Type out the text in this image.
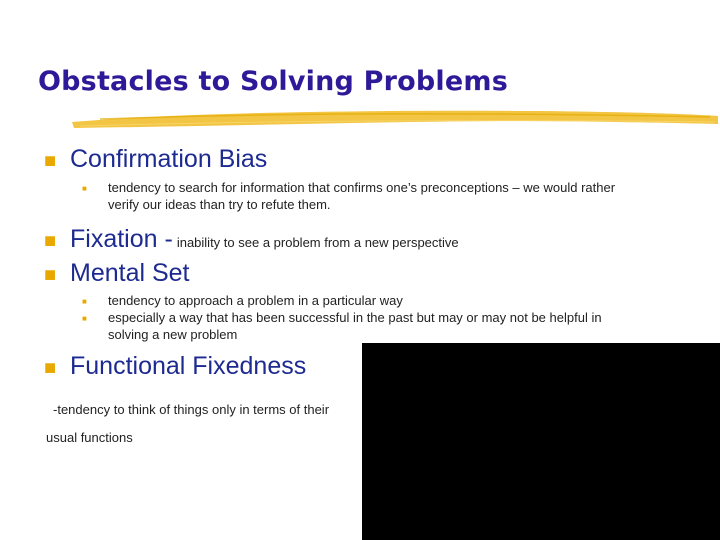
Obstacles to Solving Problems
■ Confirmation Bias
■ tendency to search for information that confirms one’s preconceptions – we would rather
verify our ideas than try to refute them.
■ Fixation - inability to see a problem from a new perspective
■ Mental Set
■ tendency to approach a problem in a particular way
■ especially a way that has been successful in the past but may or may not be helpful in
solving a new problem
■ Functional Fixedness
-tendency to think of things only in terms of their
usual functions
